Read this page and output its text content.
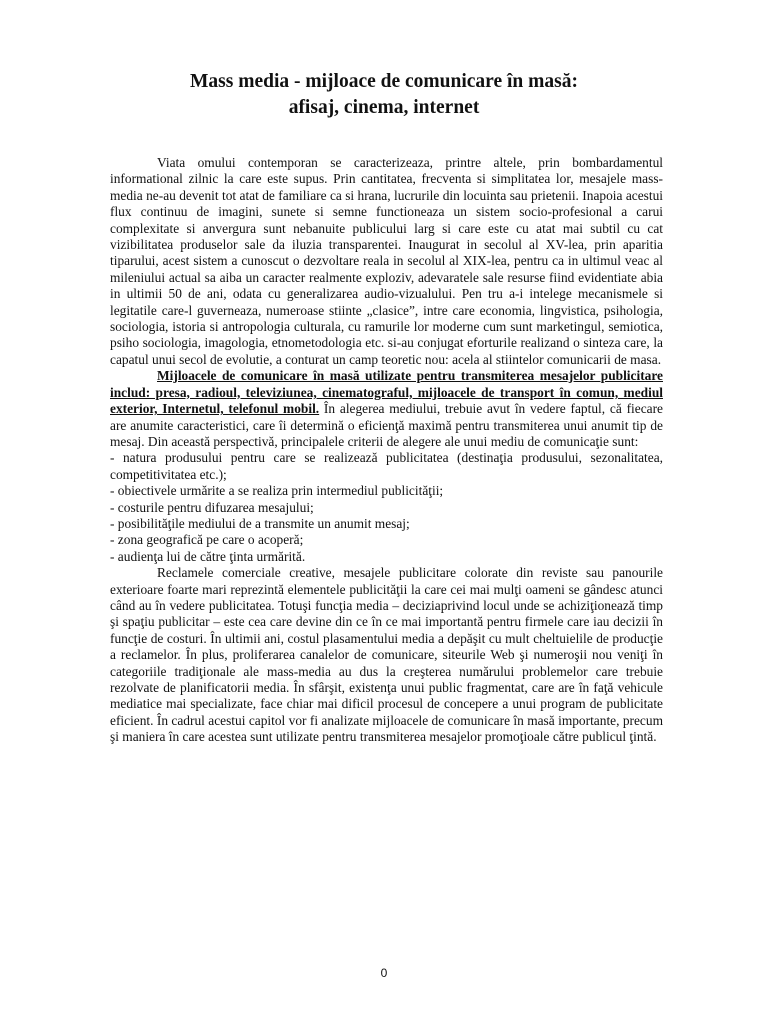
Mass media - mijloace de comunicare în masă:
afisaj, cinema, internet

Viata omului contemporan se caracterizeaza, printre altele, prin bombardamentul informational zilnic la care este supus. Prin cantitatea, frecventa si simplitatea lor, mesajele mass-media ne-au devenit tot atat de familiare ca si hrana, lucrurile din locuinta sau prietenii. Inapoia acestui flux continuu de imagini, sunete si semne functioneaza un sistem socio-profesional a carui complexitate si anvergura sunt nebanuite publicului larg si care este cu atat mai subtil cu cat vizibilitatea produselor sale da iluzia transparentei. Inaugurat in secolul al XV-lea, prin aparitia tiparului, acest sistem a cunoscut o dezvoltare reala in secolul al XIX-lea, pentru ca in ultimul veac al mileniului actual sa aiba un caracter realmente exploziv, adevaratele sale resurse fiind evidentiate abia in ultimii 50 de ani, odata cu generalizarea audio-vizualului. Pen tru a-i intelege mecanismele si legitatile care-l guverneaza, numeroase stiinte „clasice”, intre care economia, lingvistica, psihologia, sociologia, istoria si antropologia culturala, cu ramurile lor moderne cum sunt marketingul, semiotica, psiho sociologia, imagologia, etnometodologia etc. si-au conjugat eforturile realizand o sinteza care, la capatul unui secol de evolutie, a conturat un camp teoretic nou: acela al stiintelor comunicarii de masa.

Mijloacele de comunicare în masă utilizate pentru transmiterea mesajelor publicitare includ: presa, radioul, televiziunea, cinematograful, mijloacele de transport în comun, mediul exterior, Internetul, telefonul mobil. În alegerea mediului, trebuie avut în vedere faptul, că fiecare are anumite caracteristici, care îi determină o eficienţă maximă pentru transmiterea unui anumit tip de mesaj. Din această perspectivă, principalele criterii de alegere ale unui mediu de comunicaţie sunt:

- natura produsului pentru care se realizează publicitatea (destinaţia produsului, sezonalitatea, competitivitatea etc.);
- obiectivele urmărite a se realiza prin intermediul publicităţii;
- costurile pentru difuzarea mesajului;
- posibilităţile mediului de a transmite un anumit mesaj;
- zona geografică pe care o acoperă;
- audienţa lui de către ţinta urmărită.

Reclamele comerciale creative, mesajele publicitare colorate din reviste sau panourile exterioare foarte mari reprezintă elementele publicităţii la care cei mai mulţi oameni se gândesc atunci când au în vedere publicitatea. Totuşi funcţia media – deciziaprivind locul unde se achiziţionează timp şi spaţiu publicitar – este cea care devine din ce în ce mai importantă pentru firmele care iau decizii în funcţie de costuri. În ultimii ani, costul plasamentului media a depăşit cu mult cheltuielile de producţie a reclamelor. În plus, proliferarea canalelor de comunicare, siteurile Web şi numeroşii nou veniţi în categoriile tradiţionale ale mass-media au dus la creşterea numărului problemelor care trebuie rezolvate de planificatorii media. În sfârşit, existenţa unui public fragmentat, care are în faţă vehicule mediatice mai specializate, face chiar mai dificil procesul de concepere a unui program de publicitate eficient. În cadrul acestui capitol vor fi analizate mijloacele de comunicare în masă importante, precum şi maniera în care acestea sunt utilizate pentru transmiterea mesajelor promoţioale către publicul ţintă.

0
